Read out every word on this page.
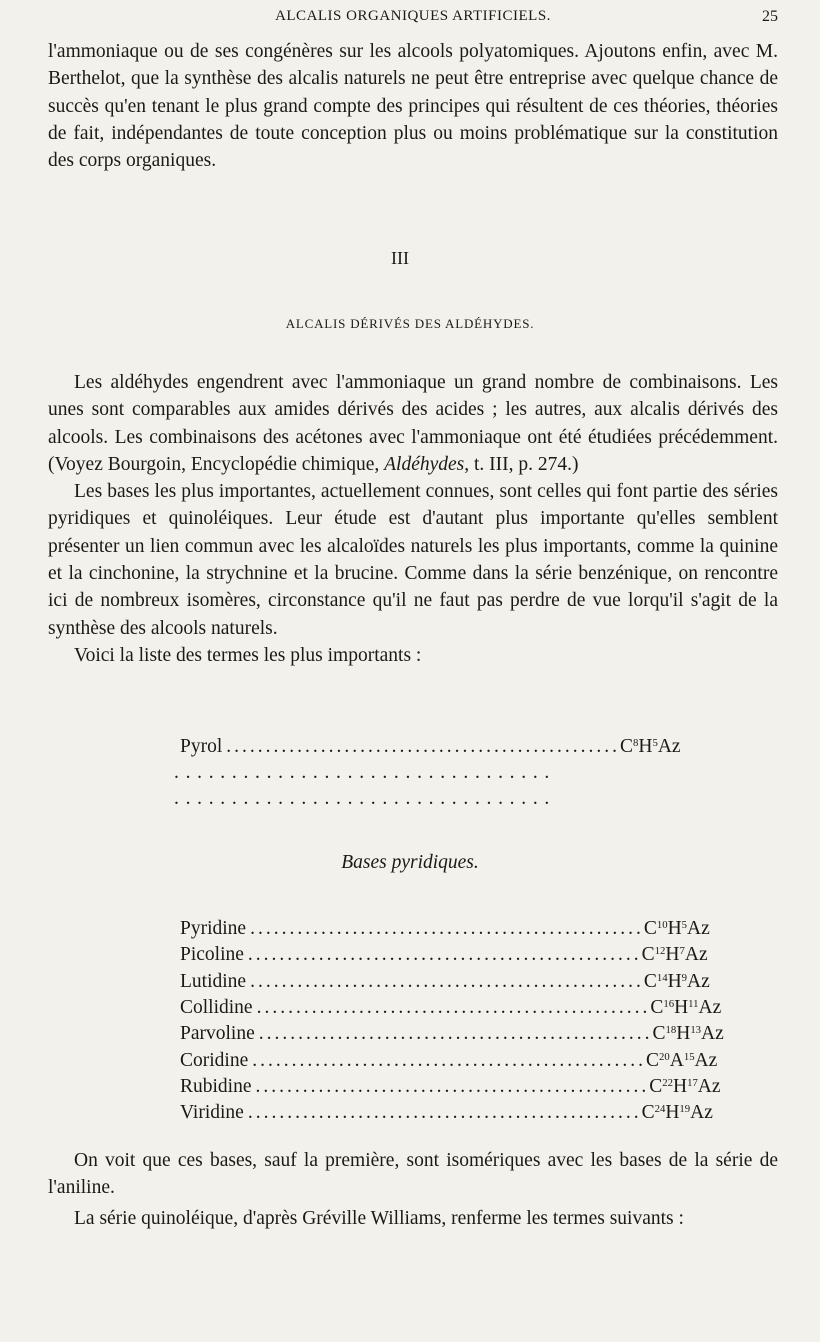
ALCALIS ORGANIQUES ARTIFICIELS.	25

l'ammoniaque ou de ses congénères sur les alcools polyatomiques. Ajoutons enfin, avec M. Berthelot, que la synthèse des alcalis naturels ne peut être entreprise avec quelque chance de succès qu'en tenant le plus grand compte des principes qui résultent de ces théories, théories de fait, indépendantes de toute conception plus ou moins problématique sur la constitution des corps organiques.

III
ALCALIS DÉRIVÉS DES ALDÉHYDES.

Les aldéhydes engendrent avec l'ammoniaque un grand nombre de combinaisons. Les unes sont comparables aux amides dérivés des acides ; les autres, aux alcalis dérivés des alcools. Les combinaisons des acétones avec l'ammoniaque ont été étudiées précédemment. (Voyez Bourgoin, Encyclopédie chimique, Aldéhydes, t. III, p. 274.)

Les bases les plus importantes, actuellement connues, sont celles qui font partie des séries pyridiques et quinoléiques. Leur étude est d'autant plus importante qu'elles semblent présenter un lien commun avec les alcaloïdes naturels les plus importants, comme la quinine et la cinchonine, la strychnine et la brucine. Comme dans la série benzénique, on rencontre ici de nombreux isomères, circonstance qu'il ne faut pas perdre de vue lorqu'il s'agit de la synthèse des alcools naturels.

Voici la liste des termes les plus importants :

Pyrol .................................................. $C^8H^5Az$
.................................
.................................
Bases pyridiques.
Pyridine .................................................. $C^{10}H^5Az$
Picoline .................................................. $C^{12}H^7Az$
Lutidine .................................................. $C^{14}H^9Az$
Collidine .................................................. $C^{16}H^{11}Az$
Parvoline .................................................. $C^{18}H^{13}Az$
Coridine .................................................. $C^{20}A^{15}Az$
Rubidine .................................................. $C^{22}H^{17}Az$
Viridine .................................................. $C^{24}H^{19}Az$

On voit que ces bases, sauf la première, sont isomériques avec les bases de la série de l'aniline.

La série quinoléique, d'après Gréville Williams, renferme les termes suivants :
